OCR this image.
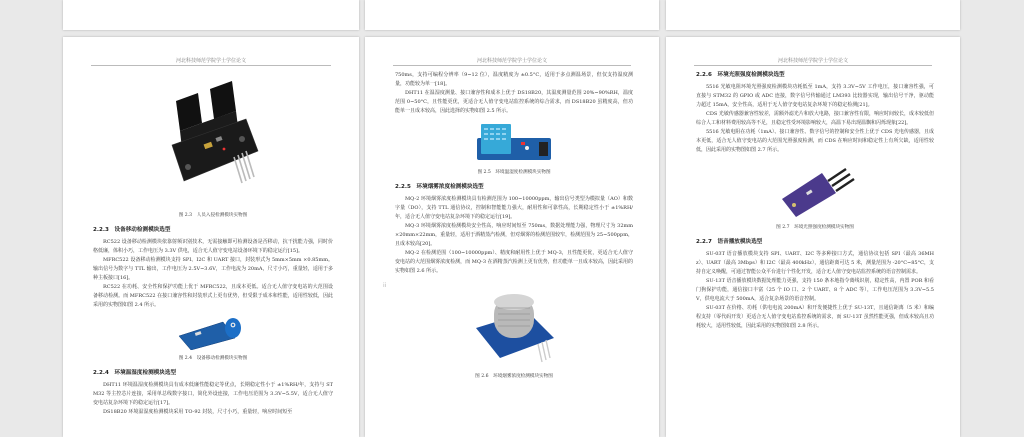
河北科技师范学院学士学位论文
图 2.3　人员入侵检测模块实物图
2.2.3　设备移动检测模块选型

RC522 设备移动检测模块依靠射频识别技术，无需接触即可检测设备是否移动，抗干扰能力强，同时价格低廉，体积小巧，工作电压为 3.3V 供电，适合无人值守变电站设备环境下的稳定运行[15]。

MFRC522 设备移动检测模块支持 SPI、I2C 和 UART 接口，封装形式为 5mm×5mm ×0.85mm。输出信号为数字与 TTL 输出，工作电压为 2.5V~3.6V，工作电流为 20mA，尺寸小巧，重量轻，适用于多种主板接口[16]。

RC522 在功耗、安全性和保护功能上优于 MFRC522，且成本更低。适合无人值守变电站的大范围设备移动检测。而 MFRC522 在接口兼容性和封装形式上更有优势，但受限于成本和性能，适用性较低，因此采用的实物图如图 2.4 所示。

图 2.4　设备移动检测模块实物图
2.2.4　环境温湿度检测模块选型

DHT11 环境温湿度检测模块具有成本低廉性能稳定等优点，长期稳定性小于 ±1%RH/年，支持与 STM32 等主控芯片连接，采用单总线数字接口，简化外设连接，工作电压范围为 3.3V~5.5V，适合无人值守变电站复杂环境下的稳定运行[17]。

DS18B20 环境温湿度检测模块采用 TO-92 封装，尺寸小巧，重量轻，响应时间短至

河北科技师范学院学士学位论文

750ms，支持可编程分辨率（9~12 位），温度精度为 ±0.5°C，适用于多点测温场景，但仅支持温度测量，功能较为单一[18]。

DHT11 在温湿度测量、接口兼容性和成本上优于 DS18B20，其温度测量范围 20%~90%RH，温度范围 0~50°C，且性能更优，更适合无人值守变电站监控系统的综合需求，而 DS18B20 虽精度高，但功能单一且成本较高，因此选择的实物如图 2.5 所示。

图 2.5　环境温湿度检测模块实物图
2.2.5　环境烟雾浓度检测模块选型

MQ-2 环境烟雾浓度检测模块具有检测范围为 100~10000ppm，输出信号类型为模拟量（AO）和数字量（DO），支持 TTL 通信协议，控制和智能能力强大，耐用性和可靠性高，长期稳定性小于 ±1%RH/年，适合无人值守变电站复杂环境下的稳定运行[19]。

MQ-3 环境烟雾浓度检测模块安全性高，响应时间短至 750ms，数据处理能力强，物理尺寸为 32mm×20mm×22mm，重量轻，适用于酒精蒸汽检测，但对烟雾的检测范围较窄，检测范围为 25~500ppm，且成本较高[20]。

MQ-2 在检测范围（100~10000ppm）、精度和耐用性上优于 MQ-3，且性能更优，更适合无人值守变电站的大范围烟雾浓度检测，而 MQ-3 在酒精蒸汽检测上更有优势，但功能单一且成本较高，因此采用的实物如图 2.6 所示。

图 2.6　环境烟雾浓度检测模块实物图
⁞⁞
河北科技师范学院学士学位论文
2.2.6　环境光照强度检测模块选型

5516 光敏电阻环境光照强度检测模块功耗低至 1mA，支持 3.3V~5V 工作电压，接口兼容性强，可直接与 STM32 的 GPIO 或 ADC 连接，数字信号传输通过 LM393 比较器实现，输出信号干净，驱动能力超过 15mA，安全性高，适用于无人值守变电站复杂环境下的稳定检测[21]。

CDS 光敏传感器兼容性较差，需额外滤光片和放大电路，接口兼容性有限，响应时间较长，成本较低但综合人工和材料费用较高等不足，且稳定性受环境影响较大，高温下易出现温飘和闪烁现象[22]。

5516 光敏电阻在功耗（1mA）、接口兼容性、数字信号的控制和安全性上优于 CDS 光电传感器，且成本更低，适合无人值守变电站的大范围光照强度检测，而 CDS 在响应时间和稳定性上有所欠缺，适用性较低，因此采用的实物图如图 2.7 所示。

图 2.7　环境光照强度检测模块实物图
2.2.7　语音播放模块选型

SU-03T 语音播放模块支持 SPI、UART、I2C 等多种接口方式，通信协议包括 SPI（最高 36MHz）、UART（最高 3Mbps）和 I2C（最高 400kHz），通信距离可达 5 米，测量范围为 -20°C~85°C，支持自定义唤醒，可通过智能公众平台进行个性化开发，适合无人值守变电站监控系统的语音控制需求。

SU-13T 语音播放模块数据处理能力更强，支持 150 条本地指令离线识别，稳定性高，内置 POR 和看门狗保护功能，通信接口丰富（25 个 IO 口、2 个 UART、8 个 ADC 等），工作电压范围为 3.3V~5.5V，供电电流大于 500mA，适合复杂场景的语音控制。

SU-03T 在价格、功耗（供电电流 200mA）和开发便捷性上优于 SU-13T，且通信距离（5 米）和编程支持（零代码开发）更适合无人值守变电站监控系统的需求，而 SU-13T 虽然性能更强，但成本较高且功耗较大，适用性较低，因此采用的实物图如图 2.8 所示。
